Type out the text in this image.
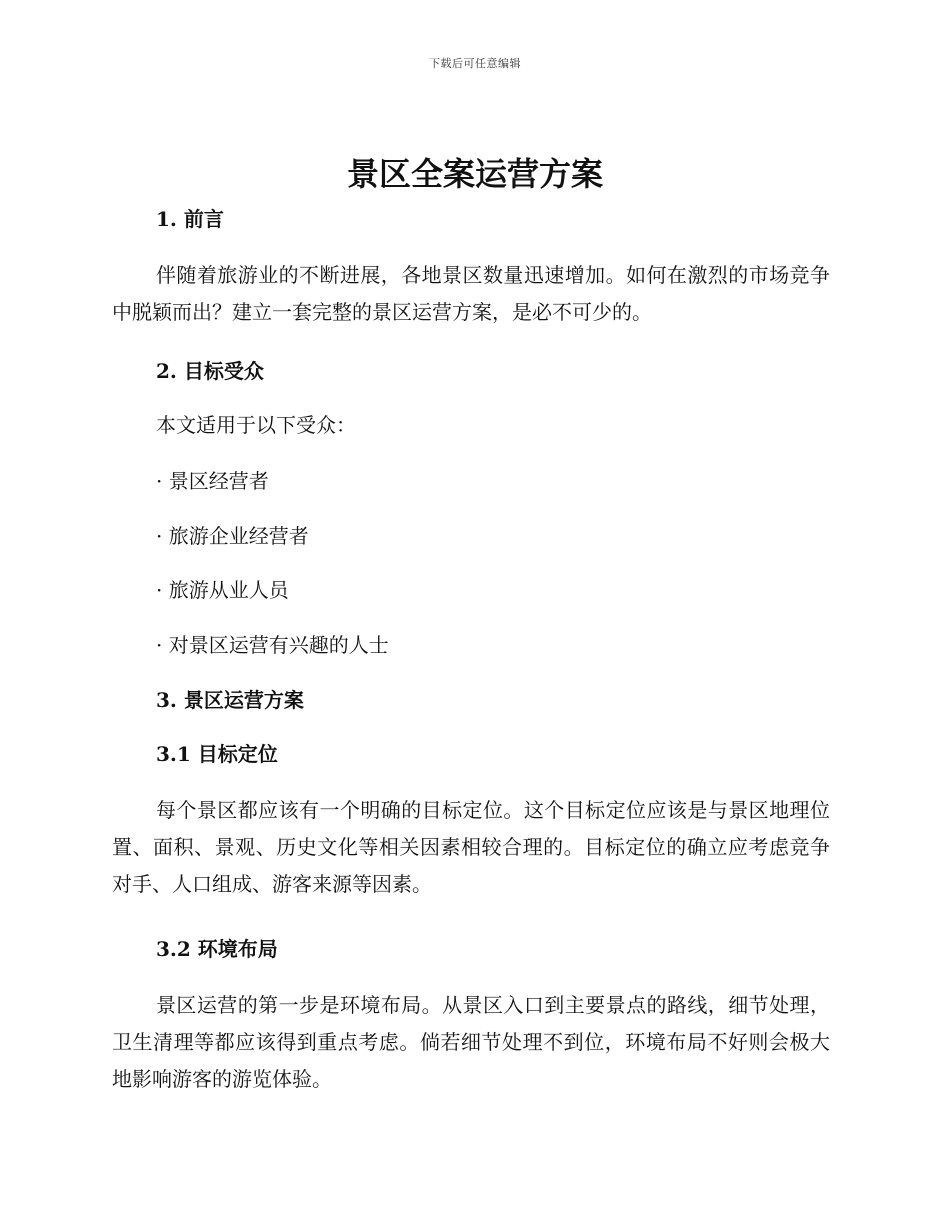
下载后可任意编辑
景区全案运营方案
1. 前言

伴随着旅游业的不断进展，各地景区数量迅速增加。如何在激烈的市场竞争中脱颖而出？建立一套完整的景区运营方案，是必不可少的。

2. 目标受众
本文适用于以下受众：
· 景区经营者
· 旅游企业经营者
· 旅游从业人员
· 对景区运营有兴趣的人士
3. 景区运营方案
3.1 目标定位

每个景区都应该有一个明确的目标定位。这个目标定位应该是与景区地理位置、面积、景观、历史文化等相关因素相较合理的。目标定位的确立应考虑竞争对手、人口组成、游客来源等因素。

3.2 环境布局

景区运营的第一步是环境布局。从景区入口到主要景点的路线，细节处理，卫生清理等都应该得到重点考虑。倘若细节处理不到位，环境布局不好则会极大地影响游客的游览体验。
